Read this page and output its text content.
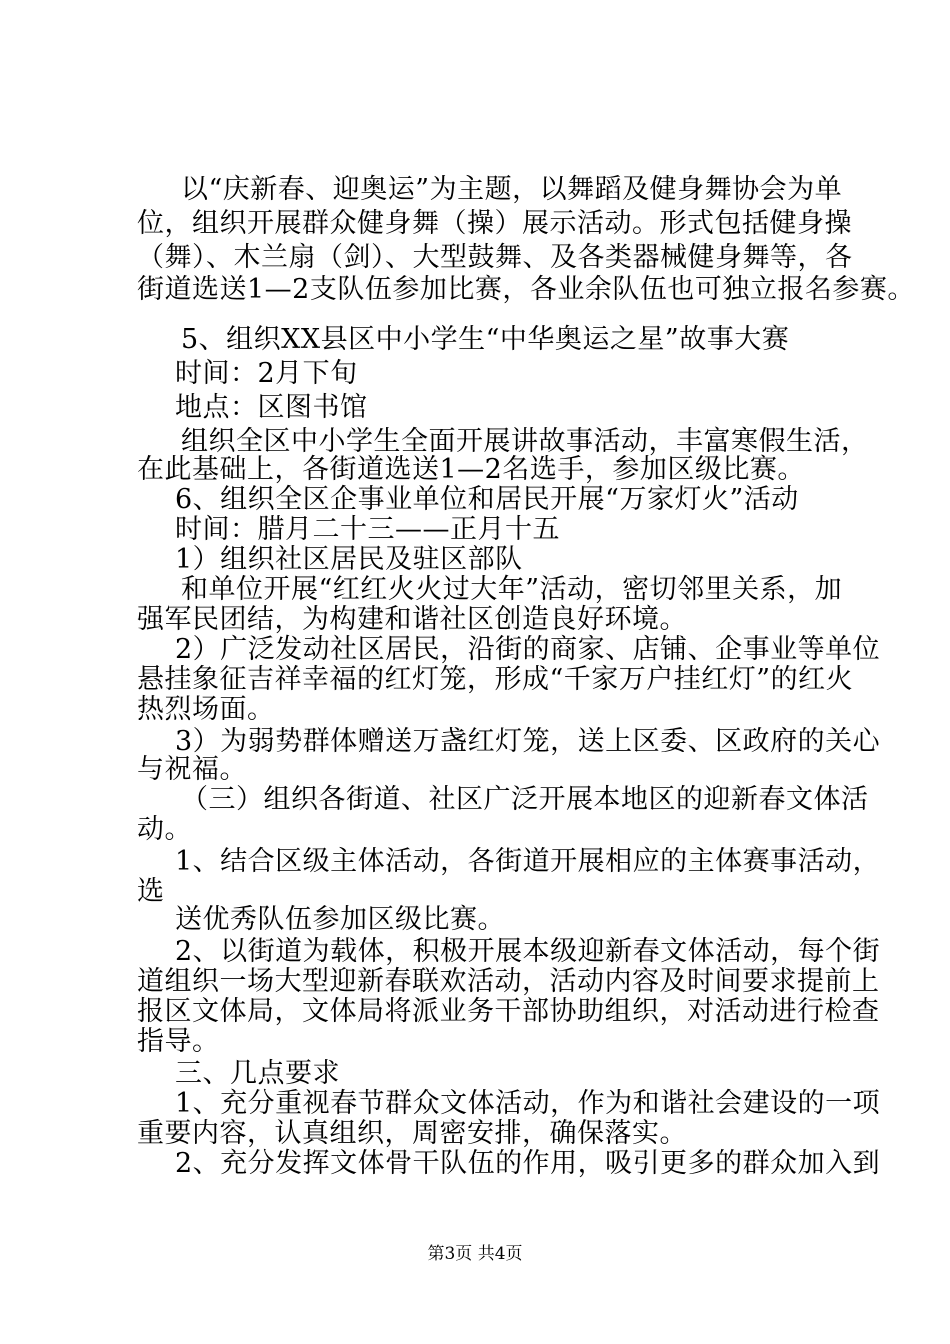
以“庆新春、迎奥运”为主题，以舞蹈及健身舞协会为单
位，组织开展群众健身舞（操）展示活动。形式包括健身操
（舞）、木兰扇（剑）、大型鼓舞、及各类器械健身舞等，各
街道选送1—2支队伍参加比赛，各业余队伍也可独立报名参赛。
5、组织XX县区中小学生“中华奥运之星”故事大赛
时间：2月下旬
地点：区图书馆
组织全区中小学生全面开展讲故事活动，丰富寒假生活，
在此基础上，各街道选送1—2名选手，参加区级比赛。
6、组织全区企事业单位和居民开展“万家灯火”活动
时间：腊月二十三——正月十五
1）组织社区居民及驻区部队
和单位开展“红红火火过大年”活动，密切邻里关系，加
强军民团结，为构建和谐社区创造良好环境。
2）广泛发动社区居民，沿街的商家、店铺、企事业等单位
悬挂象征吉祥幸福的红灯笼，形成“千家万户挂红灯”的红火
热烈场面。
3）为弱势群体赠送万盏红灯笼，送上区委、区政府的关心
与祝福。
（三）组织各街道、社区广泛开展本地区的迎新春文体活
动。
1、结合区级主体活动，各街道开展相应的主体赛事活动，
选
送优秀队伍参加区级比赛。
2、以街道为载体，积极开展本级迎新春文体活动，每个街
道组织一场大型迎新春联欢活动，活动内容及时间要求提前上
报区文体局，文体局将派业务干部协助组织，对活动进行检查
指导。
三、几点要求
1、充分重视春节群众文体活动，作为和谐社会建设的一项
重要内容，认真组织，周密安排，确保落实。
2、充分发挥文体骨干队伍的作用，吸引更多的群众加入到
第3页 共4页
